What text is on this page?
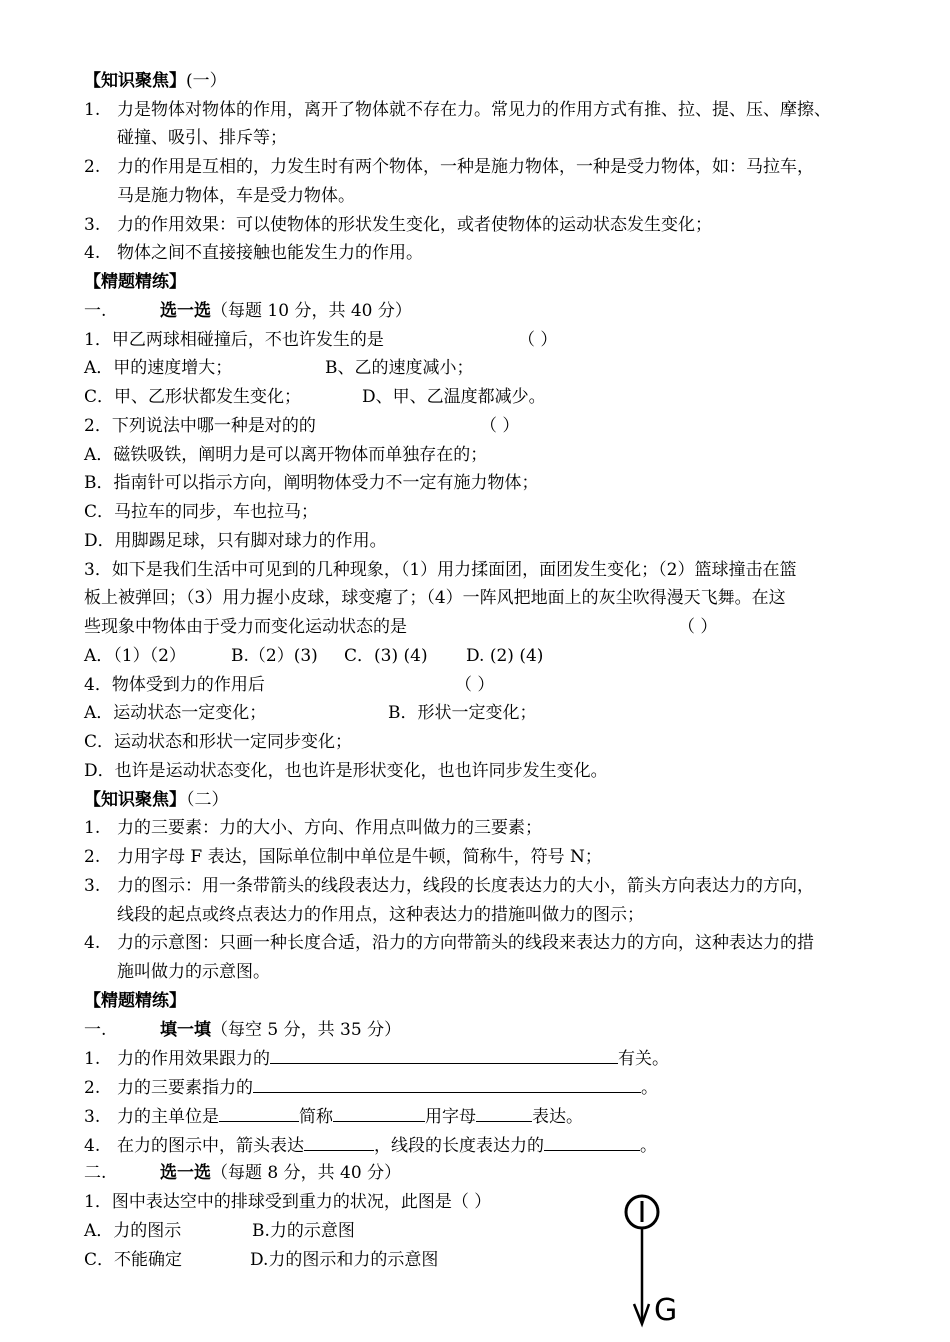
【知识聚焦】(一）
1. 力是物体对物体的作用，离开了物体就不存在力。常见力的作用方式有推、拉、提、压、摩擦、
碰撞、吸引、排斥等；
2. 力的作用是互相的，力发生时有两个物体，一种是施力物体，一种是受力物体，如：马拉车，
马是施力物体，车是受力物体。
3. 力的作用效果：可以使物体的形状发生变化，或者使物体的运动状态发生变化；
4. 物体之间不直接接触也能发生力的作用。
【精题精练】
一.	选一选（每题 10 分，共 40 分）
1．甲乙两球相碰撞后，不也许发生的是	（ ）
A．甲的速度增大；	B、乙的速度减小；
C．甲、乙形状都发生变化；	D、甲、乙温度都减少。
2．下列说法中哪一种是对的的	（ ）
A．磁铁吸铁，阐明力是可以离开物体而单独存在的；
B．指南针可以指示方向，阐明物体受力不一定有施力物体；
C．马拉车的同步，车也拉马；
D．用脚踢足球，只有脚对球力的作用。
3．如下是我们生活中可见到的几种现象，（1）用力揉面团，面团发生变化；（2）篮球撞击在篮
板上被弹回；（3）用力握小皮球，球变瘪了；（4）一阵风把地面上的灰尘吹得漫天飞舞。在这
些现象中物体由于受力而变化运动状态的是	（ ）
A．（1）（2）	B.（2）(3) C．(3) (4) D. (2) (4)
4．物体受到力的作用后	（ ）
A．运动状态一定变化；	B．形状一定变化；
C．运动状态和形状一定同步变化；
D．也许是运动状态变化，也也许是形状变化，也也许同步发生变化。
【知识聚焦】（二）
1. 力的三要素：力的大小、方向、作用点叫做力的三要素；
2. 力用字母 F 表达，国际单位制中单位是牛顿，简称牛，符号 N；
3. 力的图示：用一条带箭头的线段表达力，线段的长度表达力的大小，箭头方向表达力的方向，
线段的起点或终点表达力的作用点，这种表达力的措施叫做力的图示；
4. 力的示意图：只画一种长度合适，沿力的方向带箭头的线段来表达力的方向，这种表达力的措
施叫做力的示意图。
【精题精练】
一.	填一填（每空 5 分，共 35 分）
1. 力的作用效果跟力的	有关。
2. 力的三要素指力的	。
3. 力的主单位是	简称	用字母	表达。
4. 在力的图示中，箭头表达	，线段的长度表达力的	。
二.	选一选（每题 8 分，共 40 分）
1．图中表达空中的排球受到重力的状况，此图是（ ）
A．力的图示	B.力的示意图
C．不能确定	D.力的图示和力的示意图
G
